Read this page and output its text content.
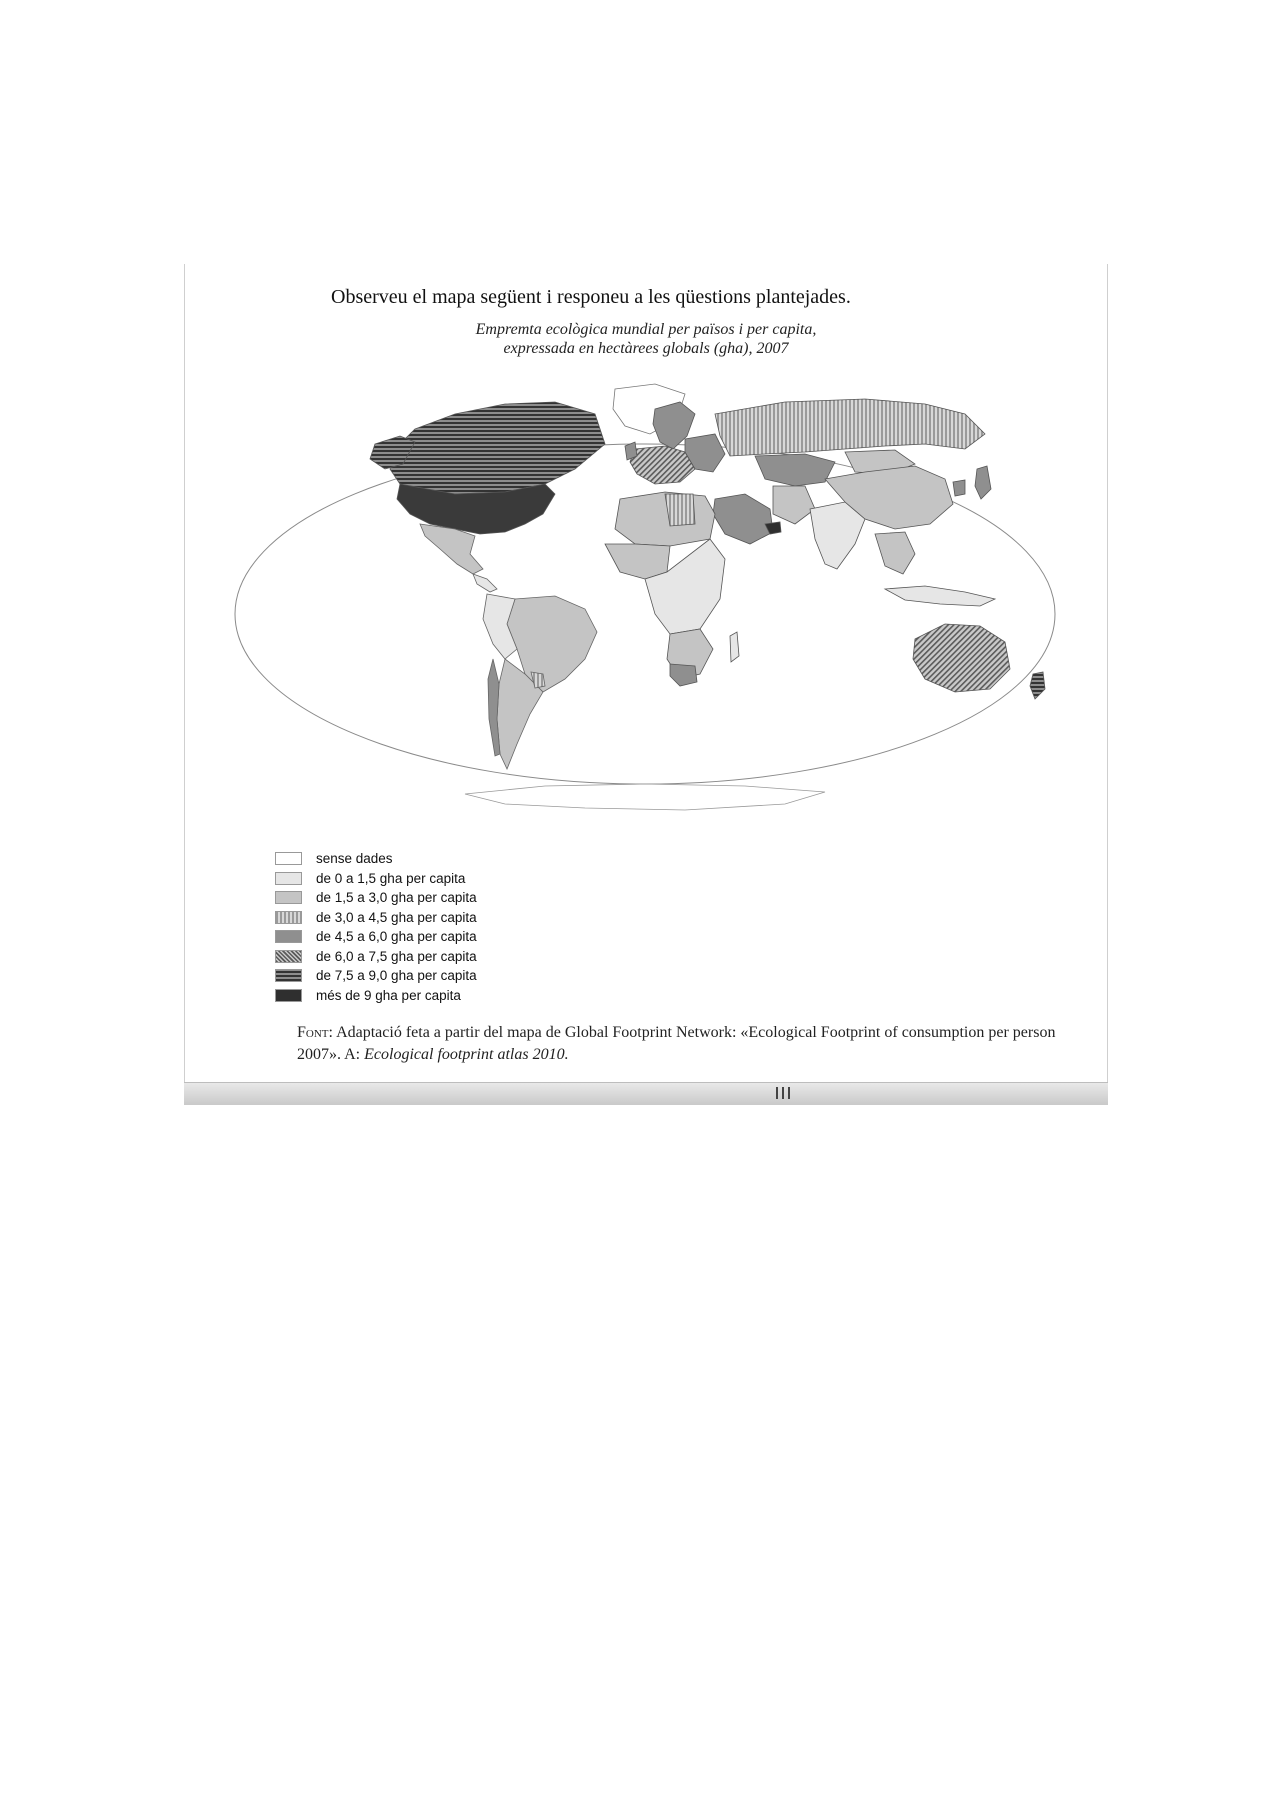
Observeu el mapa següent i responeu a les qüestions plantejades.
Empremta ecològica mundial per països i per capita,
expressada en hectàrees globals (gha), 2007
sense dades
de 0 a 1,5 gha per capita
de 1,5 a 3,0 gha per capita
de 3,0 a 4,5 gha per capita
de 4,5 a 6,0 gha per capita
de 6,0 a 7,5 gha per capita
de 7,5 a 9,0 gha per capita
més de 9 gha per capita
Font: Adaptació feta a partir del mapa de Global Footprint Network: «Ecological Footprint of consumption per person 2007». A: Ecological footprint atlas 2010.
